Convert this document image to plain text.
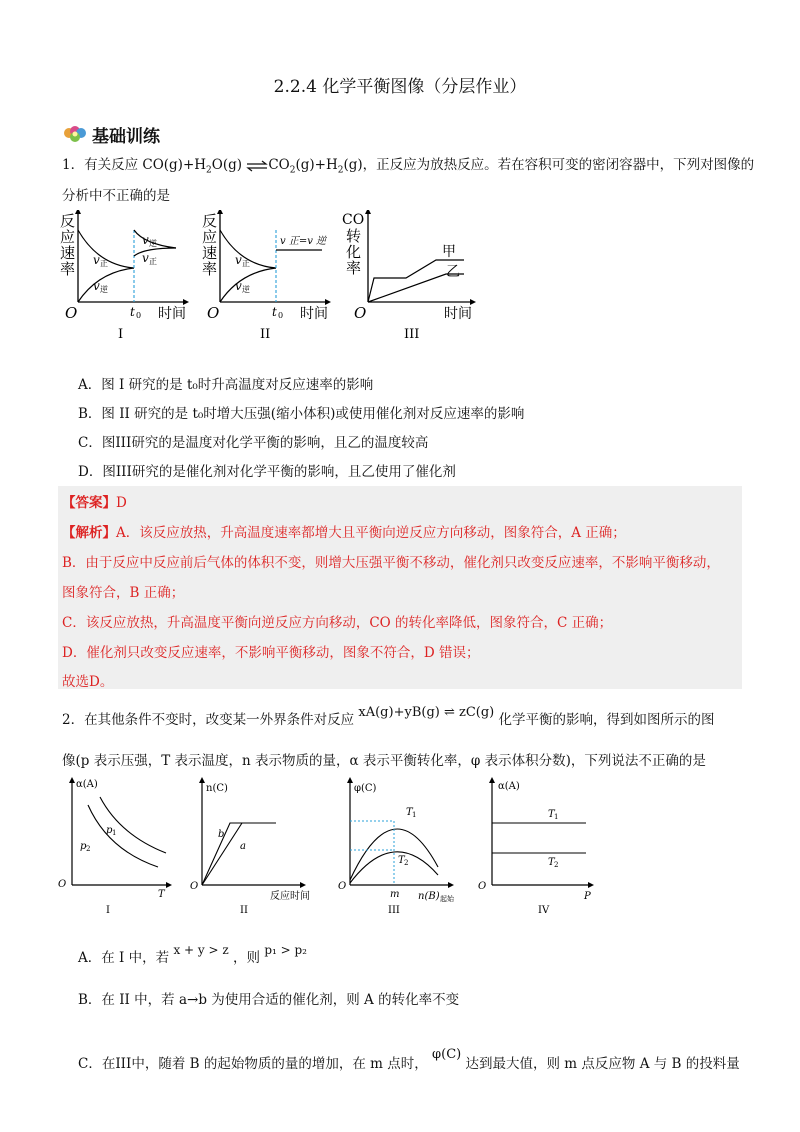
2.2.4 化学平衡图像（分层作业）
基础训练
1．有关反应 $CO(g)+H_2O(g)$ $\rightleftharpoons CO_2(g)+H_2(g)$，正反应为放热反应。若在容积可变的密闭容器中，下列对图像的
分析中不正确的是
反
应
速
率 v 正
v 逆
v 逆
v 正
O	t 0 时间
I
反
应
速
率
v 正=v 逆
v 正
v 逆
O	t 0 时间
II
CO
转
化
率
甲
乙
O	时间
III
A．图 I 研究的是 t₀时升高温度对反应速率的影响
B．图 II 研究的是 t₀时增大压强(缩小体积)或使用催化剂对反应速率的影响
C．图III研究的是温度对化学平衡的影响，且乙的温度较高
D．图III研究的是催化剂对化学平衡的影响，且乙使用了催化剂
【答案】D
【解析】A．该反应放热，升高温度速率都增大且平衡向逆反应方向移动，图象符合，A 正确；
B．由于反应中反应前后气体的体积不变，则增大压强平衡不移动，催化剂只改变反应速率，不影响平衡移动，
图象符合，B 正确；
C．该反应放热，升高温度平衡向逆反应方向移动，CO 的转化率降低，图象符合，C 正确；
D．催化剂只改变反应速率，不影响平衡移动，图象不符合，D 错误；
故选D。
2．在其他条件不变时，改变某一外界条件对反应 xA(g)+yB(g) ⇌ zC(g) 化学平衡的影响，得到如图所示的图
像(p 表示压强，T 表示温度，n 表示物质的量，α 表示平衡转化率，φ 表示体积分数)，下列说法不正确的是
α(A)
p 1
p 2
O
T
I
n(C)
b
a
O
反应时间
II
φ(C)
T 1
T 2
m
O
n(B) 起始
III
α(A)
T 1
T 2
O
P
IV
A．在 I 中，若 x + y > z ，则 p₁ > p₂
B．在 II 中，若 a→b 为使用合适的催化剂，则 A 的转化率不变
C．在III中，随着 B 的起始物质的量的增加，在 m 点时， φ(C) 达到最大值，则 m 点反应物 A 与 B 的投料量
